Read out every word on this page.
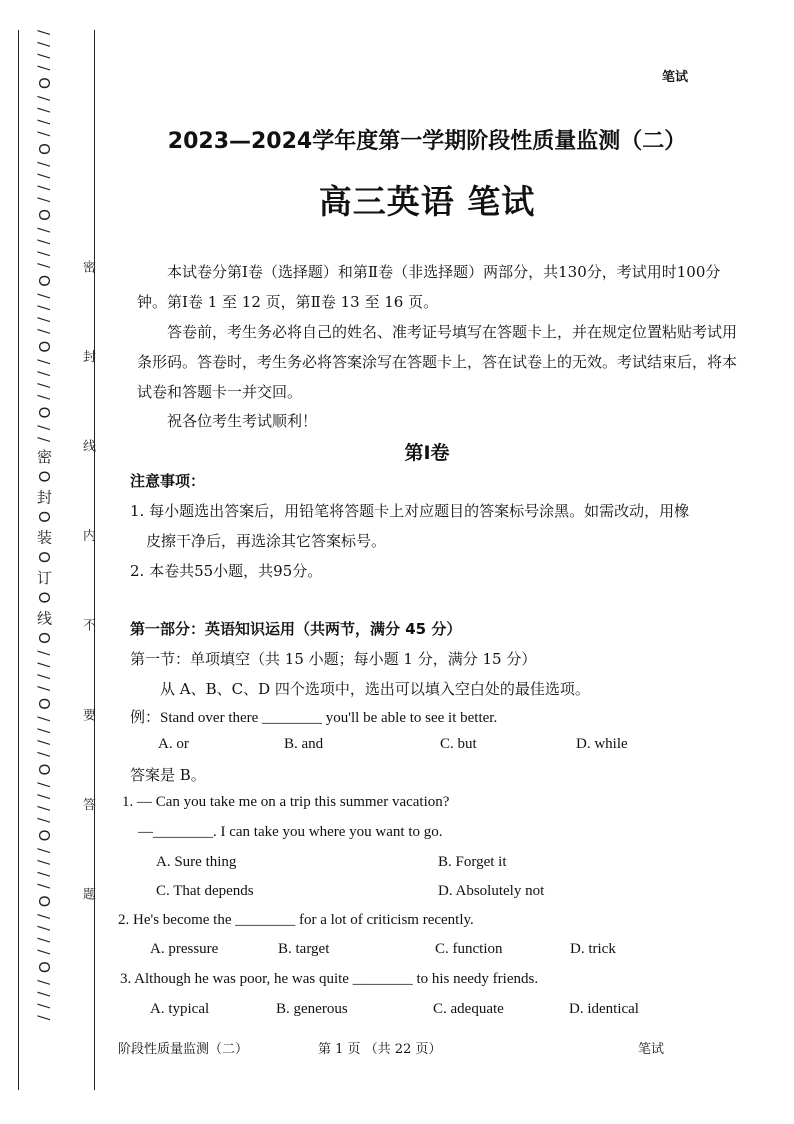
/ / / / O / / / / O / / / / O / / / / O / / / / O / / / / O / / 密 O 封 O 装 O 订 O 线 O / / / / O / / / / O / / / / O / / / / O / / / / O / / / / 密 封 线 内 不 要 答 题
笔试
2023—2024学年度第一学期阶段性质量监测（二）
高三英语 笔试
本试卷分第Ⅰ卷（选择题）和第Ⅱ卷（非选择题）两部分，共130分，考试用时100分钟。第Ⅰ卷 1 至 12 页，第Ⅱ卷 13 至 16 页。
答卷前，考生务必将自己的姓名、准考证号填写在答题卡上，并在规定位置粘贴考试用条形码。答卷时，考生务必将答案涂写在答题卡上，答在试卷上的无效。考试结束后，将本试卷和答题卡一并交回。
祝各位考生考试顺利！
第Ⅰ卷
注意事项：
1. 每小题选出答案后，用铅笔将答题卡上对应题目的答案标号涂黑。如需改动，用橡
皮擦干净后，再选涂其它答案标号。
2. 本卷共55小题，共95分。
第一部分：英语知识运用（共两节，满分 45 分）
第一节：单项填空（共 15 小题；每小题 1 分，满分 15 分）
从 A、B、C、D 四个选项中，选出可以填入空白处的最佳选项。
例：Stand over there ________ you'll be able to see it better.
A. or	B. and	C. but	D. while
答案是 B。
1. — Can you take me on a trip this summer vacation?
—________. I can take you where you want to go.
A. Sure thing	B. Forget it
C. That depends	D. Absolutely not
2. He's become the ________ for a lot of criticism recently.
A. pressure	B. target	C. function	D. trick
3. Although he was poor, he was quite ________ to his needy friends.
A. typical	B. generous	C. adequate	D. identical
阶段性质量监测（二）	第 1 页 （共 22 页）	笔试
